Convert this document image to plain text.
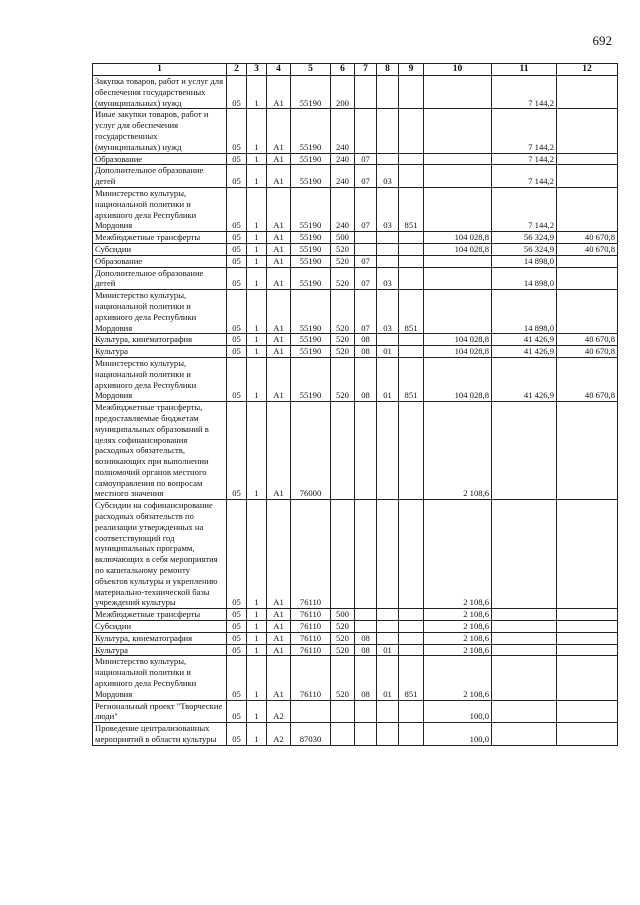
692
1	2	3	4	5	6	7	8	9	10	11	12
Закупка товаров, работ и услуг для обеспечения государственных (муниципальных) нужд	05	1	А1	55190	200					7 144,2	
Иные закупки товаров, работ и услуг для обеспечения государственных (муниципальных) нужд	05	1	А1	55190	240					7 144,2	
Образование	05	1	А1	55190	240	07				7 144,2	
Дополнительное образование детей	05	1	А1	55190	240	07	03			7 144,2	
Министерство культуры, национальной политики и архивного дела Республики Мордовия	05	1	А1	55190	240	07	03	851		7 144,2	
Межбюджетные трансферты	05	1	А1	55190	500				104 028,8	56 324,9	40 670,8
Субсидии	05	1	А1	55190	520				104 028,8	56 324,9	40 670,8
Образование	05	1	А1	55190	520	07				14 898,0	
Дополнительное образование детей	05	1	А1	55190	520	07	03			14 898,0	
Министерство культуры, национальной политики и архивного дела Республики Мордовия	05	1	А1	55190	520	07	03	851		14 898,0	
Культура, кинематография	05	1	А1	55190	520	08			104 028,8	41 426,9	40 670,8
Культура	05	1	А1	55190	520	08	01		104 028,8	41 426,9	40 670,8
Министерство культуры, национальной политики и архивного дела Республики Мордовия	05	1	А1	55190	520	08	01	851	104 028,8	41 426,9	40 670,8
Межбюджетные трансферты, предоставляемые бюджетам муниципальных образований в целях софинансирования расходных обязательств, возникающих при выполнении полномочий органов местного самоуправления по вопросам местного значения	05	1	А1	76000					2 108,6		
Субсидии на софинансирование расходных обязательств по реализации утвержденных на соответствующий год муниципальных программ, включающих в себя мероприятия по капитальному ремонту объектов культуры и укреплению материально-технической базы учреждений культуры	05	1	А1	76110					2 108,6		
Межбюджетные трансферты	05	1	А1	76110	500				2 108,6		
Субсидии	05	1	А1	76110	520				2 108,6		
Культура, кинематография	05	1	А1	76110	520	08			2 108,6		
Культура	05	1	А1	76110	520	08	01		2 108,6		
Министерство культуры, национальной политики и архивного дела Республики Мордовия	05	1	А1	76110	520	08	01	851	2 108,6		
Региональный проект "Творческие люди"	05	1	А2						100,0		
Проведение централизованных мероприятий в области культуры	05	1	А2	87030					100,0		
